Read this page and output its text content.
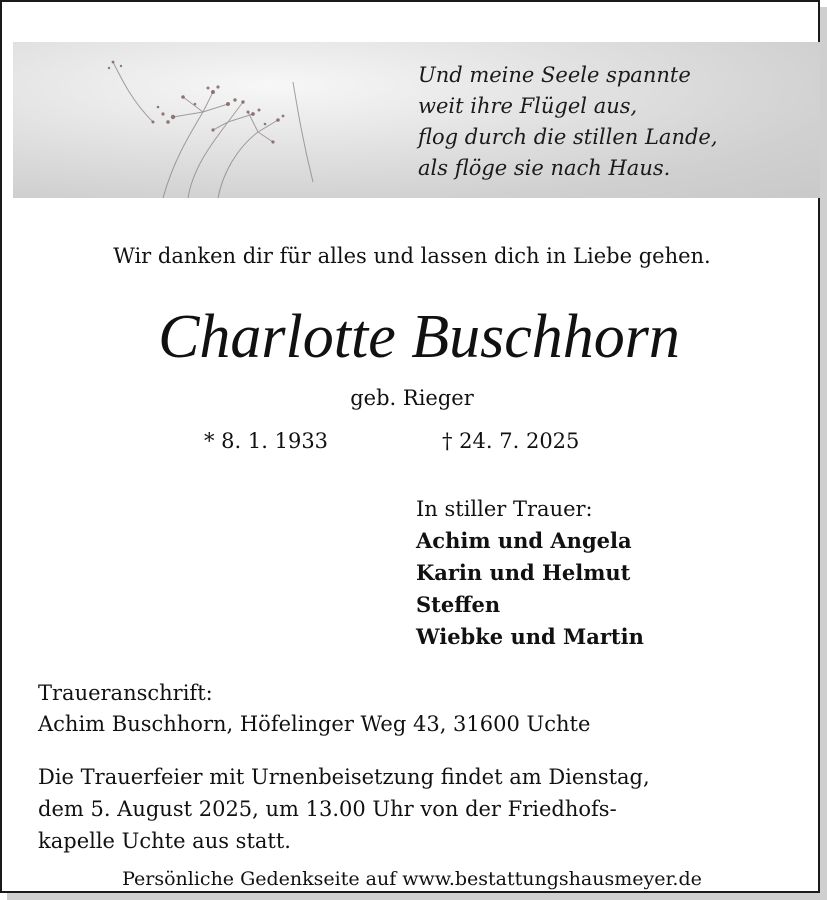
Und meine Seele spannte
weit ihre Flügel aus,
flog durch die stillen Lande,
als flöge sie nach Haus.
Wir danken dir für alles und lassen dich in Liebe gehen.
Charlotte Buschhorn
geb. Rieger
* 8. 1. 1933	† 24. 7. 2025
In stiller Trauer:
Achim und Angela
Karin und Helmut
Steffen
Wiebke und Martin
Traueranschrift:
Achim Buschhorn, Höfelinger Weg 43, 31600 Uchte
Die Trauerfeier mit Urnenbeisetzung findet am Dienstag,
dem 5. August 2025, um 13.00 Uhr von der Friedhofs-
kapelle Uchte aus statt.
Persönliche Gedenkseite auf www.bestattungshausmeyer.de
